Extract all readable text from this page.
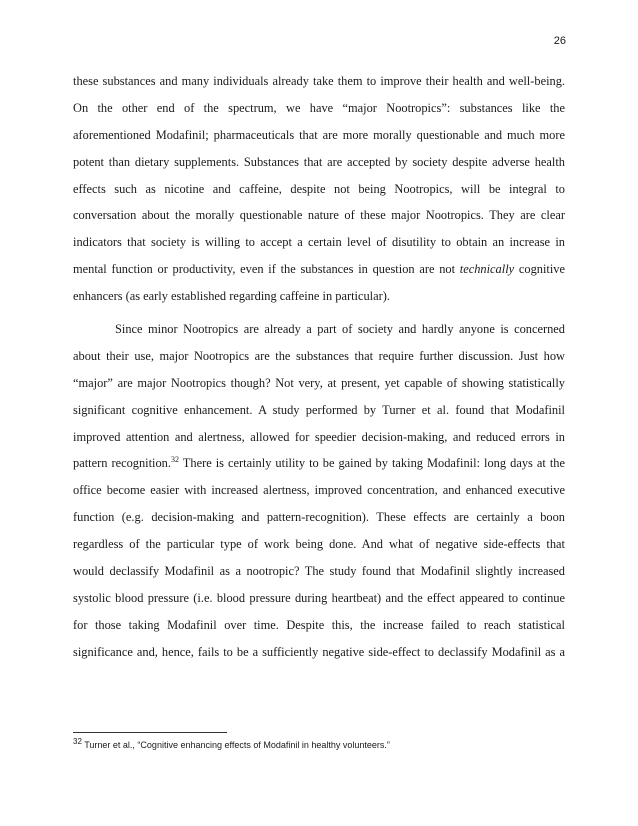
26
these substances and many individuals already take them to improve their health and well-being.
On the other end of the spectrum, we have “major Nootropics”: substances like the
aforementioned Modafinil; pharmaceuticals that are more morally questionable and much more
potent than dietary supplements. Substances that are accepted by society despite adverse health
effects such as nicotine and caffeine, despite not being Nootropics, will be integral to
conversation about the morally questionable nature of these major Nootropics. They are clear
indicators that society is willing to accept a certain level of disutility to obtain an increase in
mental function or productivity, even if the substances in question are not technically cognitive
enhancers (as early established regarding caffeine in particular).
Since minor Nootropics are already a part of society and hardly anyone is concerned
about their use, major Nootropics are the substances that require further discussion. Just how
“major” are major Nootropics though? Not very, at present, yet capable of showing statistically
significant cognitive enhancement. A study performed by Turner et al. found that Modafinil
improved attention and alertness, allowed for speedier decision-making, and reduced errors in
pattern recognition.$^{32}$ There is certainly utility to be gained by taking Modafinil: long days at the
office become easier with increased alertness, improved concentration, and enhanced executive
function (e.g. decision-making and pattern-recognition). These effects are certainly a boon
regardless of the particular type of work being done. And what of negative side-effects that
would declassify Modafinil as a nootropic? The study found that Modafinil slightly increased
systolic blood pressure (i.e. blood pressure during heartbeat) and the effect appeared to continue
for those taking Modafinil over time. Despite this, the increase failed to reach statistical
significance and, hence, fails to be a sufficiently negative side-effect to declassify Modafinil as a
$^{32}$ Turner et al., “Cognitive enhancing effects of Modafinil in healthy volunteers.”
